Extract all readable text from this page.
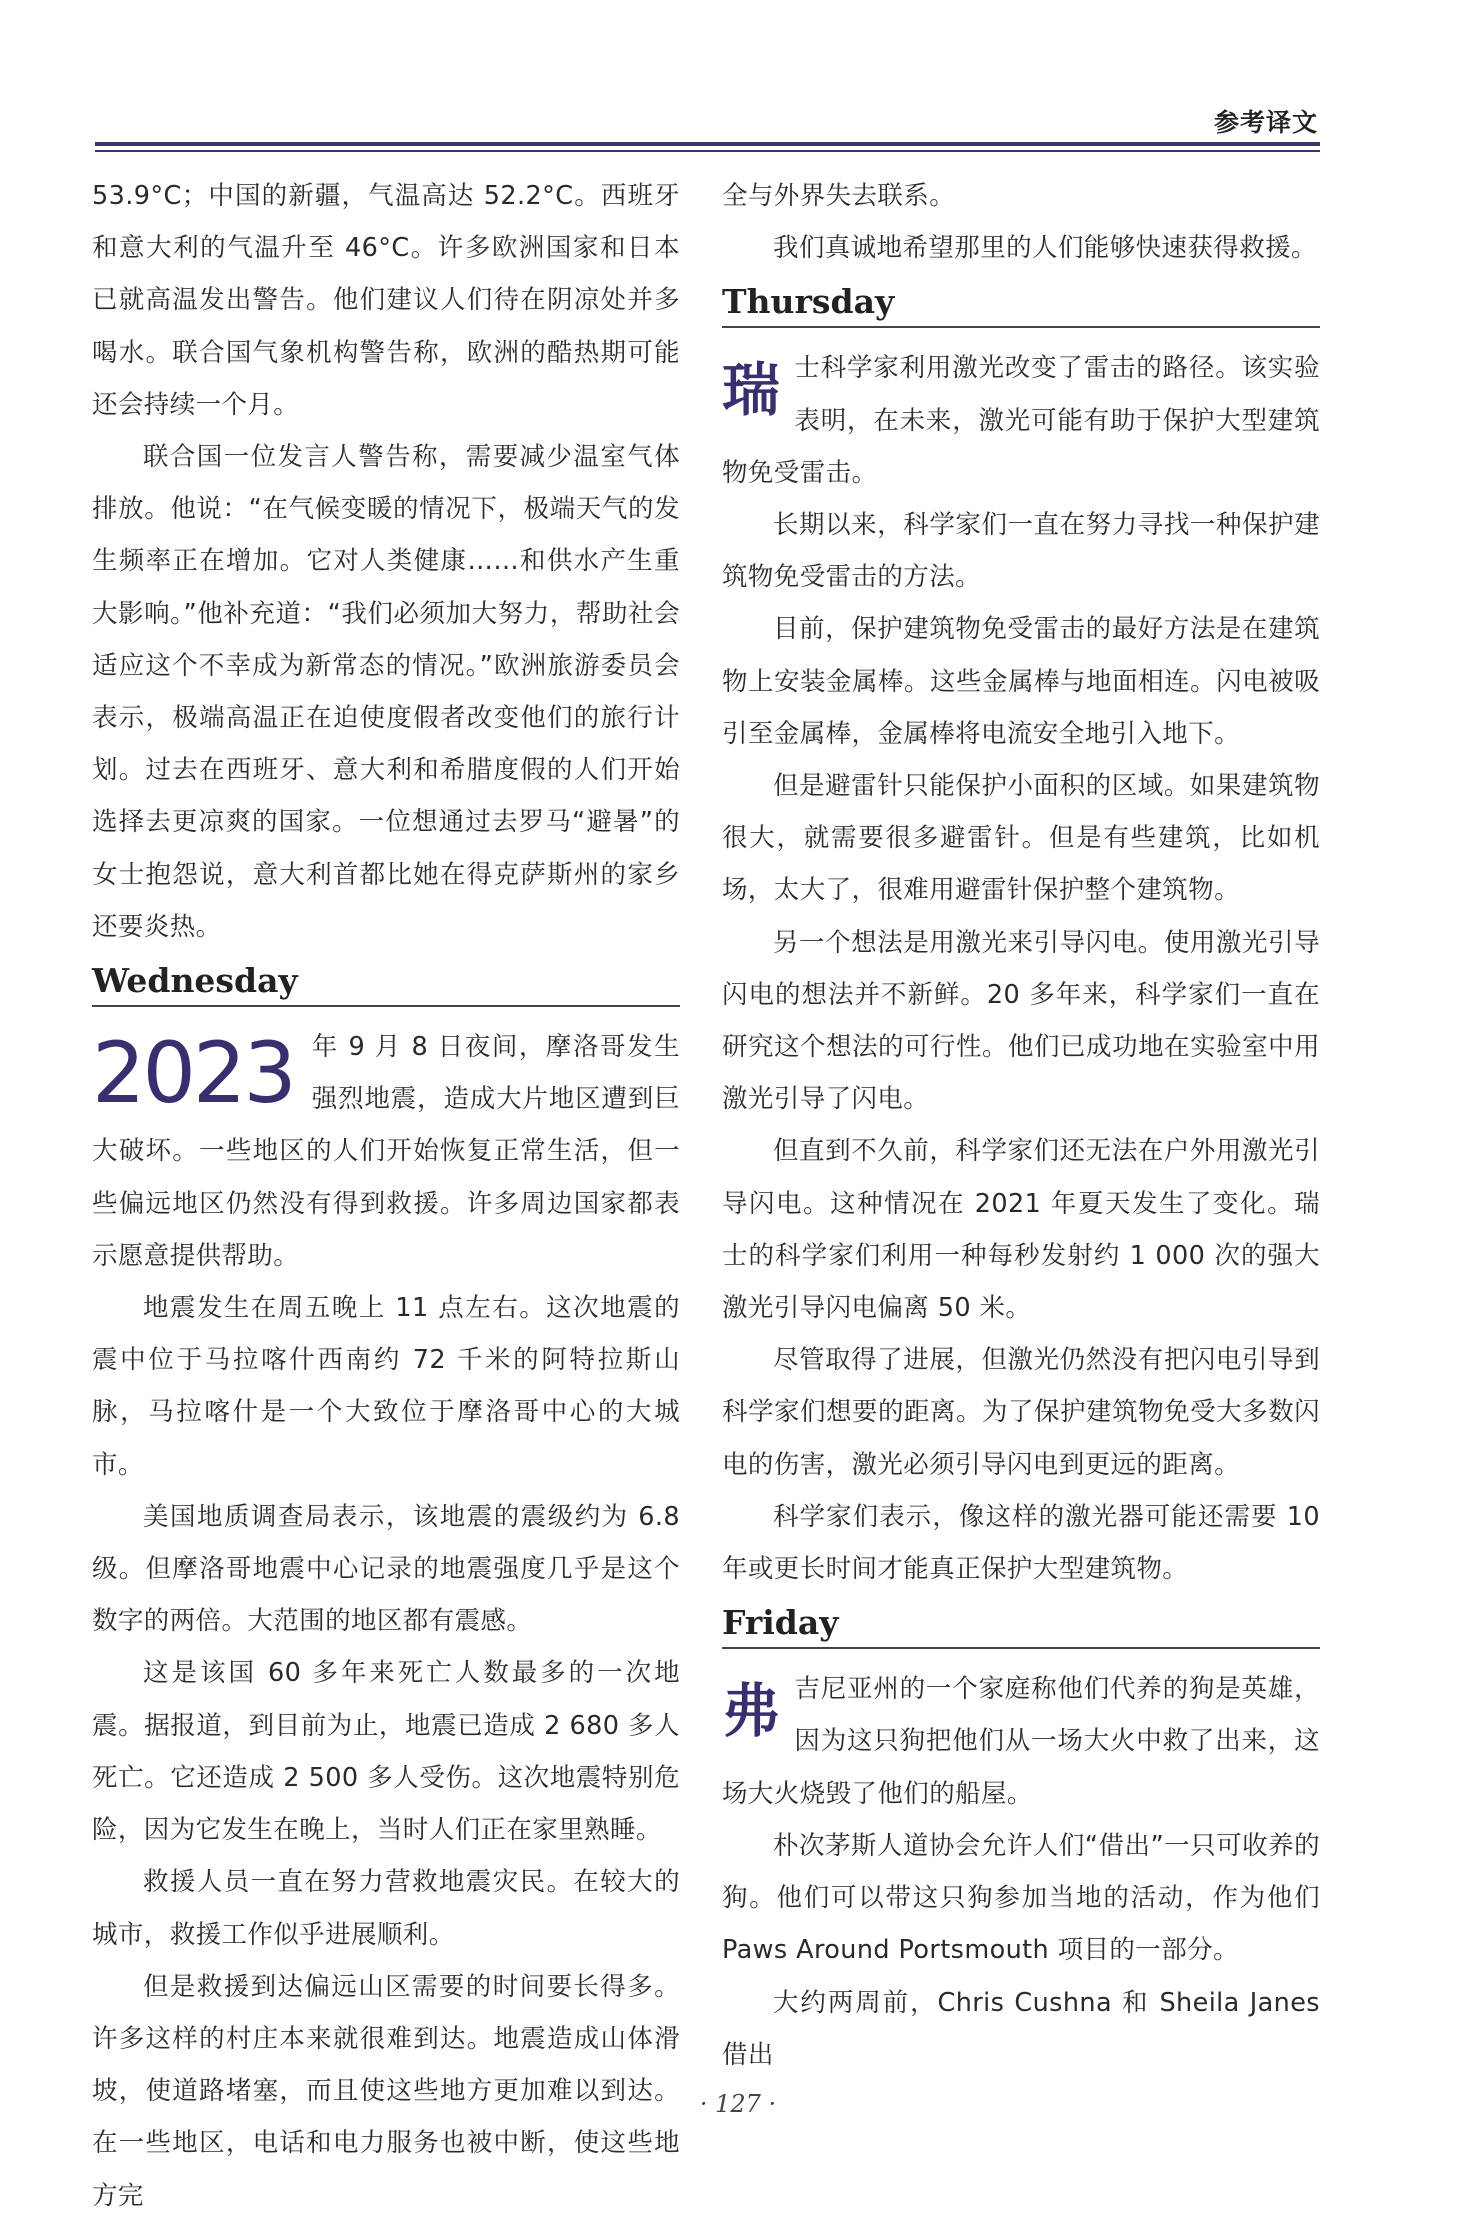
参考译文

53.9°C；中国的新疆，气温高达 52.2°C。西班牙和意大利的气温升至 46°C。许多欧洲国家和日本已就高温发出警告。他们建议人们待在阴凉处并多喝水。联合国气象机构警告称，欧洲的酷热期可能还会持续一个月。

联合国一位发言人警告称，需要减少温室气体排放。他说：“在气候变暖的情况下，极端天气的发生频率正在增加。它对人类健康……和供水产生重大影响。”他补充道：“我们必须加大努力，帮助社会适应这个不幸成为新常态的情况。”欧洲旅游委员会表示，极端高温正在迫使度假者改变他们的旅行计划。过去在西班牙、意大利和希腊度假的人们开始选择去更凉爽的国家。一位想通过去罗马“避暑”的女士抱怨说，意大利首都比她在得克萨斯州的家乡还要炎热。

Wednesday

2023 年 9 月 8 日夜间，摩洛哥发生强烈地震，造成大片地区遭到巨大破坏。一些地区的人们开始恢复正常生活，但一些偏远地区仍然没有得到救援。许多周边国家都表示愿意提供帮助。

地震发生在周五晚上 11 点左右。这次地震的震中位于马拉喀什西南约 72 千米的阿特拉斯山脉，马拉喀什是一个大致位于摩洛哥中心的大城市。

美国地质调查局表示，该地震的震级约为 6.8 级。但摩洛哥地震中心记录的地震强度几乎是这个数字的两倍。大范围的地区都有震感。

这是该国 60 多年来死亡人数最多的一次地震。据报道，到目前为止，地震已造成 2 680 多人死亡。它还造成 2 500 多人受伤。这次地震特别危险，因为它发生在晚上，当时人们正在家里熟睡。

救援人员一直在努力营救地震灾民。在较大的城市，救援工作似乎进展顺利。

但是救援到达偏远山区需要的时间要长得多。许多这样的村庄本来就很难到达。地震造成山体滑坡，使道路堵塞，而且使这些地方更加难以到达。在一些地区，电话和电力服务也被中断，使这些地方完

全与外界失去联系。

我们真诚地希望那里的人们能够快速获得救援。

Thursday

瑞士科学家利用激光改变了雷击的路径。该实验表明，在未来，激光可能有助于保护大型建筑物免受雷击。

长期以来，科学家们一直在努力寻找一种保护建筑物免受雷击的方法。

目前，保护建筑物免受雷击的最好方法是在建筑物上安装金属棒。这些金属棒与地面相连。闪电被吸引至金属棒，金属棒将电流安全地引入地下。

但是避雷针只能保护小面积的区域。如果建筑物很大，就需要很多避雷针。但是有些建筑，比如机场，太大了，很难用避雷针保护整个建筑物。

另一个想法是用激光来引导闪电。使用激光引导闪电的想法并不新鲜。20 多年来，科学家们一直在研究这个想法的可行性。他们已成功地在实验室中用激光引导了闪电。

但直到不久前，科学家们还无法在户外用激光引导闪电。这种情况在 2021 年夏天发生了变化。瑞士的科学家们利用一种每秒发射约 1 000 次的强大激光引导闪电偏离 50 米。

尽管取得了进展，但激光仍然没有把闪电引导到科学家们想要的距离。为了保护建筑物免受大多数闪电的伤害，激光必须引导闪电到更远的距离。

科学家们表示，像这样的激光器可能还需要 10 年或更长时间才能真正保护大型建筑物。

Friday

弗吉尼亚州的一个家庭称他们代养的狗是英雄，因为这只狗把他们从一场大火中救了出来，这场大火烧毁了他们的船屋。

朴次茅斯人道协会允许人们“借出”一只可收养的狗。他们可以带这只狗参加当地的活动，作为他们 Paws Around Portsmouth 项目的一部分。

大约两周前，Chris Cushna 和 Sheila Janes 借出

· 127 ·
